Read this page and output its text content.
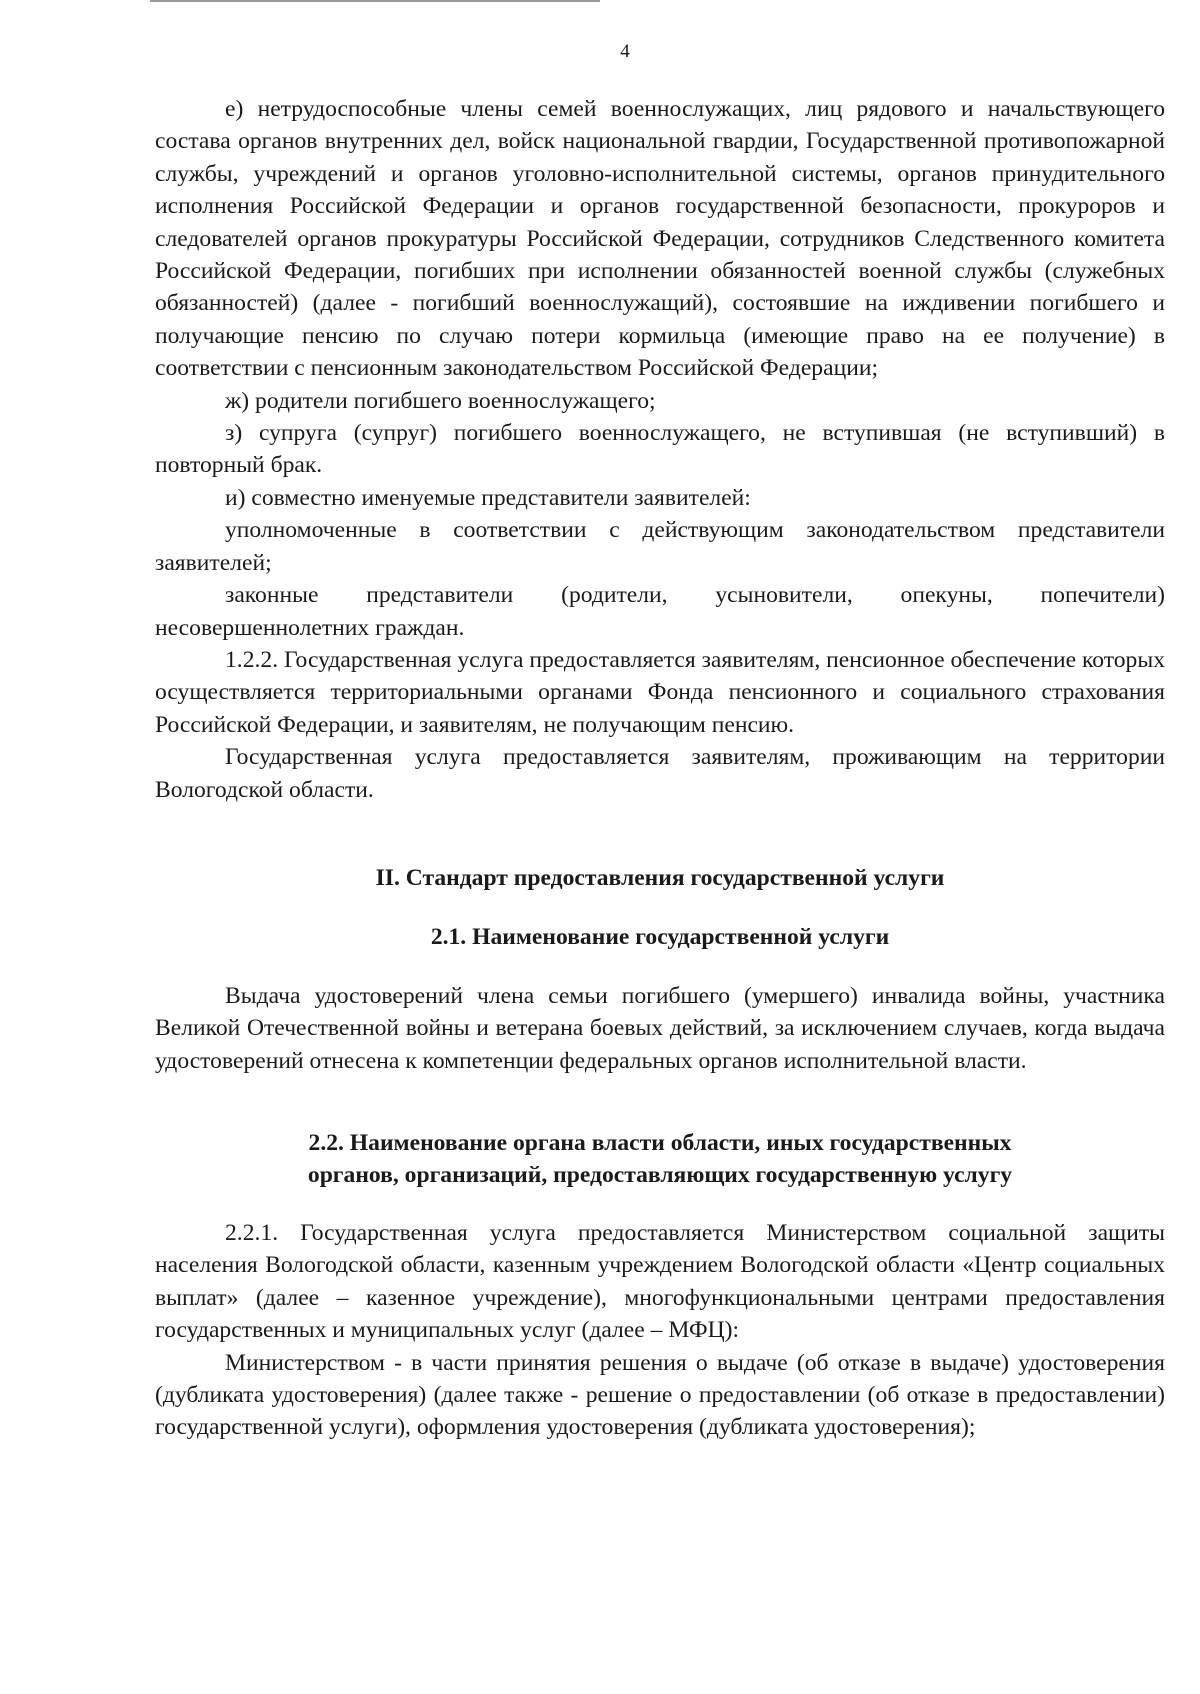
4

е) нетрудоспособные члены семей военнослужащих, лиц рядового и начальствующего состава органов внутренних дел, войск национальной гвардии, Государственной противопожарной службы, учреждений и органов уголовно-исполнительной системы, органов принудительного исполнения Российской Федерации и органов государственной безопасности, прокуроров и следователей органов прокуратуры Российской Федерации, сотрудников Следственного комитета Российской Федерации, погибших при исполнении обязанностей военной службы (служебных обязанностей) (далее - погибший военнослужащий), состоявшие на иждивении погибшего и получающие пенсию по случаю потери кормильца (имеющие право на ее получение) в соответствии с пенсионным законодательством Российской Федерации;

ж) родители погибшего военнослужащего;

з) супруга (супруг) погибшего военнослужащего, не вступившая (не вступивший) в повторный брак.

и) совместно именуемые представители заявителей:

уполномоченные в соответствии с действующим законодательством представители заявителей;

законные представители (родители, усыновители, опекуны, попечители) несовершеннолетних граждан.

1.2.2. Государственная услуга предоставляется заявителям, пенсионное обеспечение которых осуществляется территориальными органами Фонда пенсионного и социального страхования Российской Федерации, и заявителям, не получающим пенсию.

Государственная услуга предоставляется заявителям, проживающим на территории Вологодской области.

II. Стандарт предоставления государственной услуги

2.1. Наименование государственной услуги

Выдача удостоверений члена семьи погибшего (умершего) инвалида войны, участника Великой Отечественной войны и ветерана боевых действий, за исключением случаев, когда выдача удостоверений отнесена к компетенции федеральных органов исполнительной власти.

2.2. Наименование органа власти области, иных государственных

органов, организаций, предоставляющих государственную услугу

2.2.1. Государственная услуга предоставляется Министерством социальной защиты населения Вологодской области, казенным учреждением Вологодской области «Центр социальных выплат» (далее – казенное учреждение), многофункциональными центрами предоставления государственных и муниципальных услуг (далее – МФЦ):

Министерством - в части принятия решения о выдаче (об отказе в выдаче) удостоверения (дубликата удостоверения) (далее также - решение о предоставлении (об отказе в предоставлении) государственной услуги), оформления удостоверения (дубликата удостоверения);
